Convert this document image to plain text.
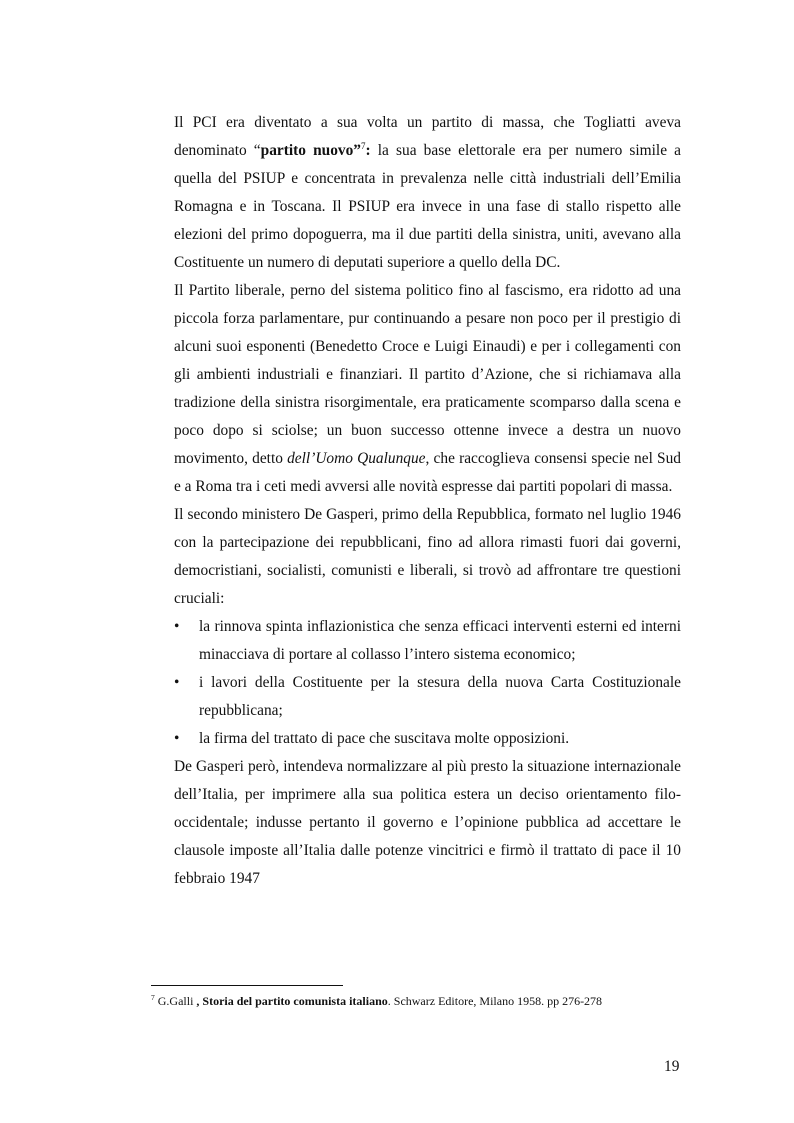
Il PCI era diventato a sua volta un partito di massa, che Togliatti aveva denominato “partito nuovo”$^7$: la sua base elettorale era per numero simile a quella del PSIUP e concentrata in prevalenza nelle città industriali dell’Emilia Romagna e in Toscana. Il PSIUP era invece in una fase di stallo rispetto alle elezioni del primo dopoguerra, ma il due partiti della sinistra, uniti, avevano alla Costituente un numero di deputati superiore a quello della DC.

Il Partito liberale, perno del sistema politico fino al fascismo, era ridotto ad una piccola forza parlamentare, pur continuando a pesare non poco per il prestigio di alcuni suoi esponenti (Benedetto Croce e Luigi Einaudi) e per i collegamenti con gli ambienti industriali e finanziari. Il partito d’Azione, che si richiamava alla tradizione della sinistra risorgimentale, era praticamente scomparso dalla scena e poco dopo si sciolse; un buon successo ottenne invece a destra un nuovo movimento, detto dell’Uomo Qualunque, che raccoglieva consensi specie nel Sud e a Roma tra i ceti medi avversi alle novità espresse dai partiti popolari di massa.

Il secondo ministero De Gasperi, primo della Repubblica, formato nel luglio 1946 con la partecipazione dei repubblicani, fino ad allora rimasti fuori dai governi, democristiani, socialisti, comunisti e liberali, si trovò ad affrontare tre questioni cruciali:

•	la rinnova spinta inflazionistica che senza efficaci interventi esterni ed interni minacciava di portare al collasso l’intero sistema economico;
•	i lavori della Costituente per la stesura della nuova Carta Costituzionale repubblicana;
•	la firma del trattato di pace che suscitava molte opposizioni.

De Gasperi però, intendeva normalizzare al più presto la situazione internazionale dell’Italia, per imprimere alla sua politica estera un deciso orientamento filo-occidentale; indusse pertanto il governo e l’opinione pubblica ad accettare le clausole imposte all’Italia dalle potenze vincitrici e firmò il trattato di pace il 10 febbraio 1947

$^7$ G.Galli , Storia del partito comunista italiano. Schwarz Editore, Milano 1958. pp 276-278
19
